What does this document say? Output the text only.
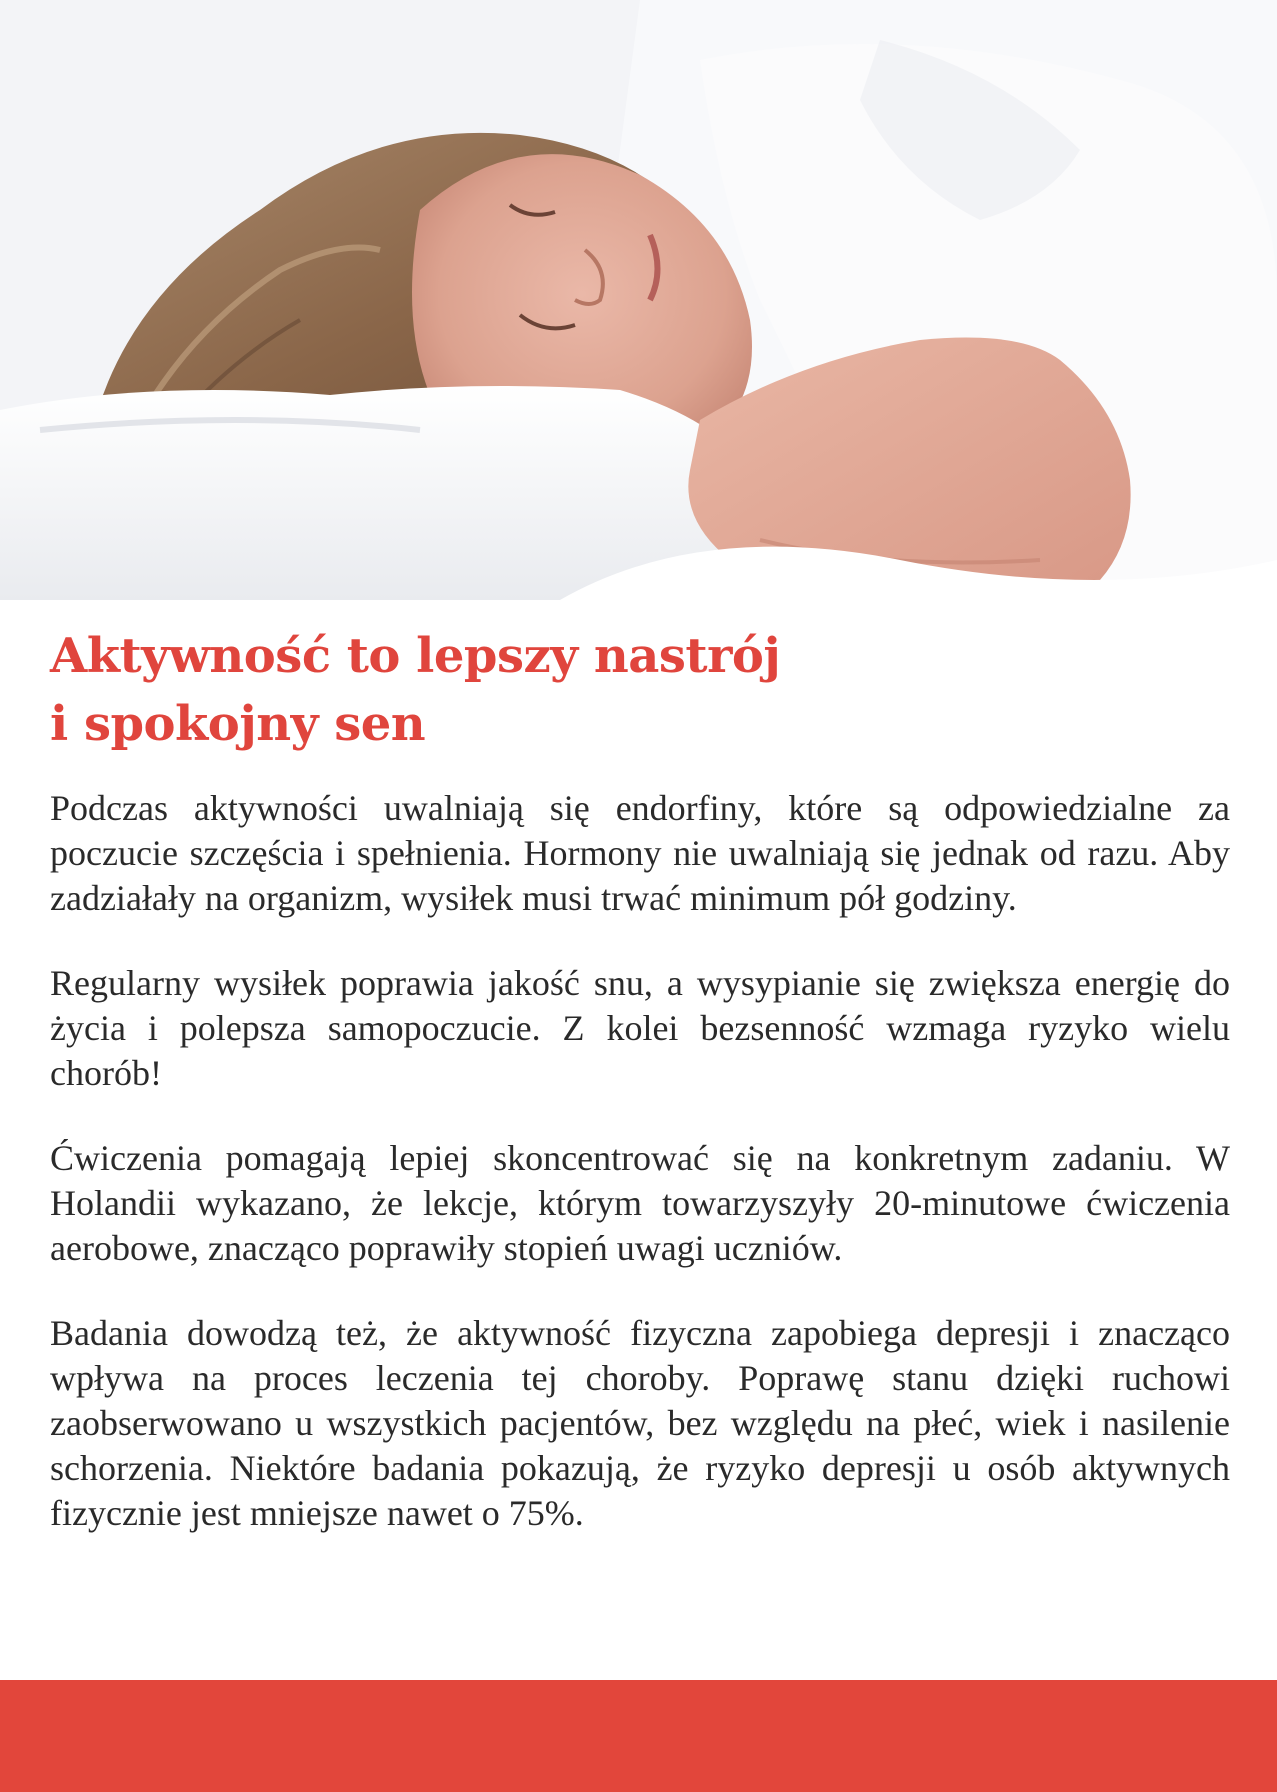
Aktywność to lepszy nastrój
i spokojny sen

Podczas aktywności uwalniają się endorfiny, które są odpowiedzialne za poczucie szczęścia i spełnienia. Hormony nie uwalniają się jednak od razu. Aby zadziałały na organizm, wysiłek musi trwać minimum pół godziny.

Regularny wysiłek poprawia jakość snu, a wysypianie się zwiększa energię do życia i polepsza samopoczucie. Z kolei bezsenność wzmaga ryzyko wielu chorób!

Ćwiczenia pomagają lepiej skoncentrować się na konkretnym zadaniu. W Holandii wykazano, że lekcje, którym towarzyszyły 20-minutowe ćwiczenia aerobowe, znacząco poprawiły stopień uwagi uczniów.

Badania dowodzą też, że aktywność fizyczna zapobiega depresji i znacząco wpływa na proces leczenia tej choroby. Poprawę stanu dzięki ruchowi zaobserwowano u wszystkich pacjentów, bez względu na płeć, wiek i nasilenie schorzenia. Niektóre badania pokazują, że ryzyko depresji u osób aktywnych fizycznie jest mniejsze nawet o 75%.
